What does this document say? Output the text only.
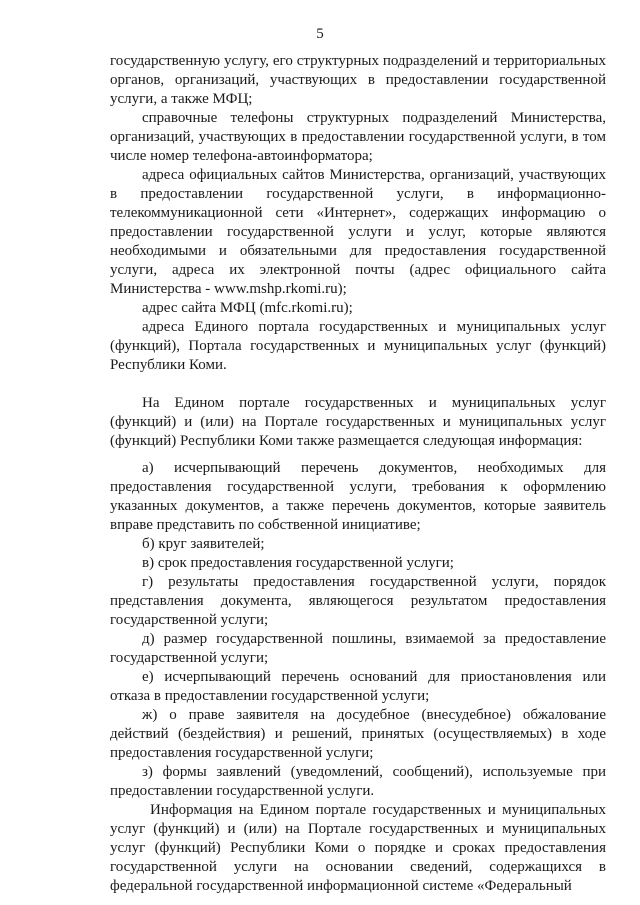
5

государственную услугу, его структурных подразделений и территориальных органов, организаций, участвующих в предоставлении государственной услуги, а также МФЦ;

справочные телефоны структурных подразделений Министерства, организаций, участвующих в предоставлении государственной услуги, в том числе номер телефона-автоинформатора;

адреса официальных сайтов Министерства, организаций, участвующих в предоставлении государственной услуги, в информационно-телекоммуникационной сети «Интернет», содержащих информацию о предоставлении государственной услуги и услуг, которые являются необходимыми и обязательными для предоставления государственной услуги, адреса их электронной почты (адрес официального сайта Министерства - www.mshp.rkomi.ru);

адрес сайта МФЦ (mfc.rkomi.ru);

адреса Единого портала государственных и муниципальных услуг (функций), Портала государственных и муниципальных услуг (функций) Республики Коми.

На Едином портале государственных и муниципальных услуг (функций) и (или) на Портале государственных и муниципальных услуг (функций) Республики Коми также размещается следующая информация:

а) исчерпывающий перечень документов, необходимых для предоставления государственной услуги, требования к оформлению указанных документов, а также перечень документов, которые заявитель вправе представить по собственной инициативе;

б) круг заявителей;

в) срок предоставления государственной услуги;

г) результаты предоставления государственной услуги, порядок представления документа, являющегося результатом предоставления государственной услуги;

д) размер государственной пошлины, взимаемой за предоставление государственной услуги;

е) исчерпывающий перечень оснований для приостановления или отказа в предоставлении государственной услуги;

ж) о праве заявителя на досудебное (внесудебное) обжалование действий (бездействия) и решений, принятых (осуществляемых) в ходе предоставления государственной услуги;

з) формы заявлений (уведомлений, сообщений), используемые при предоставлении государственной услуги.

Информация на Едином портале государственных и муниципальных услуг (функций) и (или) на Портале государственных и муниципальных услуг (функций) Республики Коми о порядке и сроках предоставления государственной услуги на основании сведений, содержащихся в федеральной государственной информационной системе «Федеральный
